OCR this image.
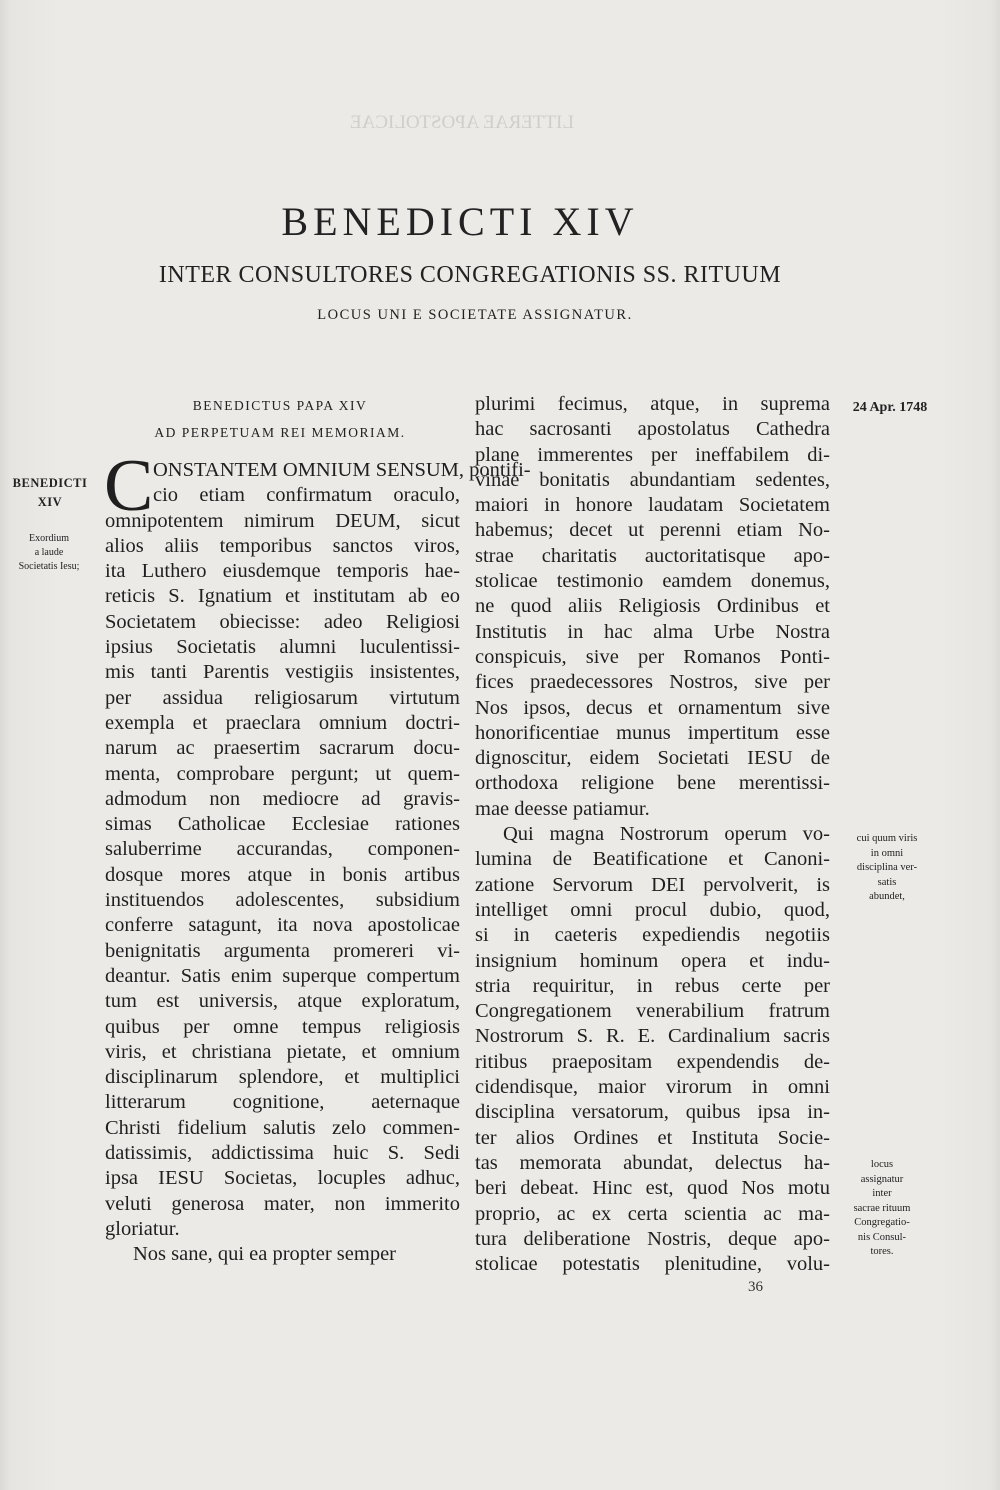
LITTERAE APOSTOLICAE
BENEDICTI XIV
INTER CONSULTORES CONGREGATIONIS SS. RITUUM
LOCUS UNI E SOCIETATE ASSIGNATUR.
BENEDICTUS PAPA XIV
AD PERPETUAM REI MEMORIAM.
C ONSTANTEM OMNIUM SENSUM, pontifi-
cio etiam confirmatum oraculo,
omnipotentem nimirum DEUM, sicut
alios aliis temporibus sanctos viros,
ita Luthero eiusdemque temporis hae-
reticis S. Ignatium et institutam ab eo
Societatem obiecisse: adeo Religiosi
ipsius Societatis alumni luculentissi-
mis tanti Parentis vestigiis insistentes,
per assidua religiosarum virtutum
exempla et praeclara omnium doctri-
narum ac praesertim sacrarum docu-
menta, comprobare pergunt; ut quem-
admodum non mediocre ad gravis-
simas Catholicae Ecclesiae rationes
saluberrime accurandas, componen-
dosque mores atque in bonis artibus
instituendos adolescentes, subsidium
conferre satagunt, ita nova apostolicae
benignitatis argumenta promereri vi-
deantur. Satis enim superque compertum
tum est universis, atque exploratum,
quibus per omne tempus religiosis
viris, et christiana pietate, et omnium
disciplinarum splendore, et multiplici
litterarum cognitione, aeternaque
Christi fidelium salutis zelo commen-
datissimis, addictissima huic S. Sedi
ipsa IESU Societas, locuples adhuc,
veluti generosa mater, non immerito
gloriatur.
Nos sane, qui ea propter semper
plurimi fecimus, atque, in suprema
hac sacrosanti apostolatus Cathedra
plane immerentes per ineffabilem di-
vinae bonitatis abundantiam sedentes,
maiori in honore laudatam Societatem
habemus; decet ut perenni etiam No-
strae charitatis auctoritatisque apo-
stolicae testimonio eamdem donemus,
ne quod aliis Religiosis Ordinibus et
Institutis in hac alma Urbe Nostra
conspicuis, sive per Romanos Ponti-
fices praedecessores Nostros, sive per
Nos ipsos, decus et ornamentum sive
honorificentiae munus impertitum esse
dignoscitur, eidem Societati IESU de
orthodoxa religione bene merentissi-
mae deesse patiamur.
Qui magna Nostrorum operum vo-
lumina de Beatificatione et Canoni-
zatione Servorum DEI pervolverit, is
intelliget omni procul dubio, quod,
si in caeteris expediendis negotiis
insignium hominum opera et indu-
stria requiritur, in rebus certe per
Congregationem venerabilium fratrum
Nostrorum S. R. E. Cardinalium sacris
ritibus praepositam expendendis de-
cidendisque, maior virorum in omni
disciplina versatorum, quibus ipsa in-
ter alios Ordines et Instituta Socie-
tas memorata abundat, delectus ha-
beri debeat. Hinc est, quod Nos motu
proprio, ac ex certa scientia ac ma-
tura deliberatione Nostris, deque apo-
stolicae potestatis plenitudine, volu-
BENEDICTI
XIV
Exordium
a laude
Societatis Iesu;
24 Apr. 1748
cui quum viris
in omni
disciplina ver-
satis
abundet,
locus
assignatur
inter
sacrae rituum
Congregatio-
nis Consul-
tores.
36
